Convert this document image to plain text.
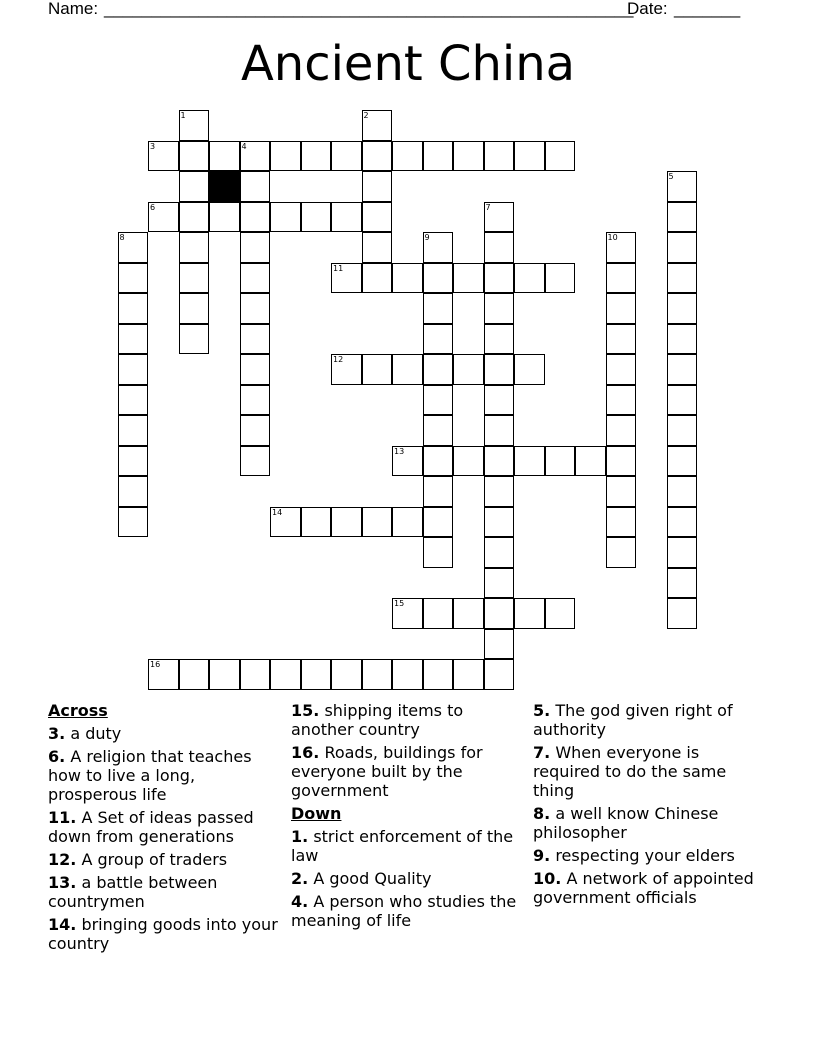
Name: ________________________________________________________
Date: _______
Ancient China
1	2
4
5
7
8	9	10
3
6
11
12
13
14
15
16
Across
3. a duty
6. A religion that teaches how to live a long, prosperous life
11. A Set of ideas passed down from generations
12. A group of traders
13. a battle between countrymen
14. bringing goods into your country
15. shipping items to another country
16. Roads, buildings for everyone built by the government
Down
1. strict enforcement of the law
2. A good Quality
4. A person who studies the meaning of life
5. The god given right of authority
7. When everyone is required to do the same thing
8. a well know Chinese philosopher
9. respecting your elders
10. A network of appointed government officials
